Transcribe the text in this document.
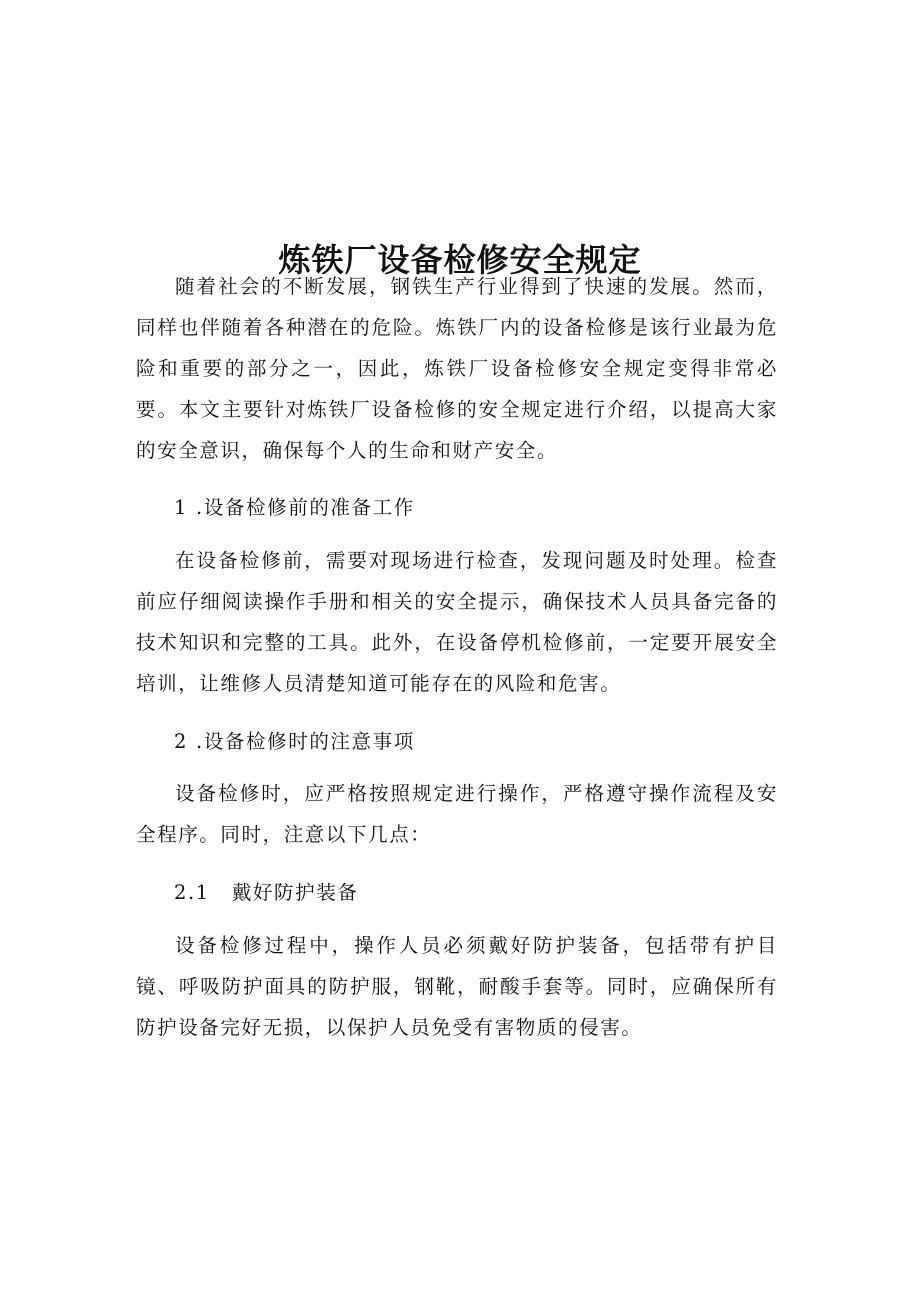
炼铁厂设备检修安全规定

随着社会的不断发展，钢铁生产行业得到了快速的发展。然而，同样也伴随着各种潜在的危险。炼铁厂内的设备检修是该行业最为危险和重要的部分之一，因此，炼铁厂设备检修安全规定变得非常必要。本文主要针对炼铁厂设备检修的安全规定进行介绍，以提高大家的安全意识，确保每个人的生命和财产安全。

1 .设备检修前的准备工作

在设备检修前，需要对现场进行检查，发现问题及时处理。检查前应仔细阅读操作手册和相关的安全提示，确保技术人员具备完备的技术知识和完整的工具。此外，在设备停机检修前，一定要开展安全培训，让维修人员清楚知道可能存在的风险和危害。

2 .设备检修时的注意事项

设备检修时，应严格按照规定进行操作，严格遵守操作流程及安全程序。同时，注意以下几点：

2.1 戴好防护装备

设备检修过程中，操作人员必须戴好防护装备，包括带有护目镜、呼吸防护面具的防护服，钢靴，耐酸手套等。同时，应确保所有防护设备完好无损，以保护人员免受有害物质的侵害。
